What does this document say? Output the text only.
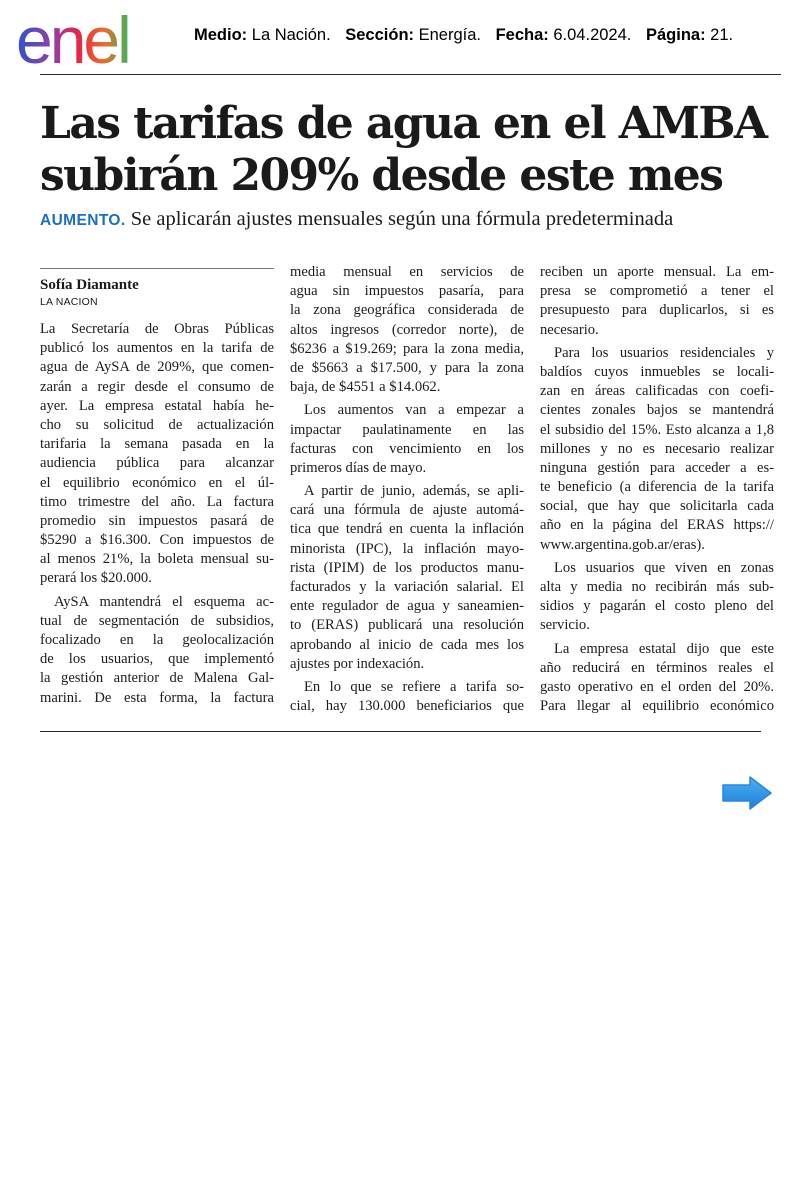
enel	Medio: La Nación. Sección: Energía. Fecha: 6.04.2024. Página: 21.
Las tarifas de agua en el AMBA
subirán 209% desde este mes
AUMENTO. Se aplicarán ajustes mensuales según una fórmula predeterminada
Sofía Diamante
LA NACION
La Secretaría de Obras Públicas
publicó los aumentos en la tarifa de
agua de AySA de 209%, que comen-
zarán a regir desde el consumo de
ayer. La empresa estatal había he-
cho su solicitud de actualización
tarifaria la semana pasada en la
audiencia pública para alcanzar
el equilibrio económico en el úl-
timo trimestre del año. La factura
promedio sin impuestos pasará de
$5290 a $16.300. Con impuestos de
al menos 21%, la boleta mensual su-
perará los $20.000.
AySA mantendrá el esquema ac-
tual de segmentación de subsidios,
focalizado en la geolocalización
de los usuarios, que implementó
la gestión anterior de Malena Gal-
marini. De esta forma, la factura
media mensual en servicios de
agua sin impuestos pasaría, para
la zona geográfica considerada de
altos ingresos (corredor norte), de
$6236 a $19.269; para la zona media,
de $5663 a $17.500, y para la zona
baja, de $4551 a $14.062.
Los aumentos van a empezar a
impactar paulatinamente en las
facturas con vencimiento en los
primeros días de mayo.
A partir de junio, además, se apli-
cará una fórmula de ajuste automá-
tica que tendrá en cuenta la inflación
minorista (IPC), la inflación mayo-
rista (IPIM) de los productos manu-
facturados y la variación salarial. El
ente regulador de agua y saneamien-
to (ERAS) publicará una resolución
aprobando al inicio de cada mes los
ajustes por indexación.
En lo que se refiere a tarifa so-
cial, hay 130.000 beneficiarios que
reciben un aporte mensual. La em-
presa se comprometió a tener el
presupuesto para duplicarlos, si es
necesario.
Para los usuarios residenciales y
baldíos cuyos inmuebles se locali-
zan en áreas calificadas con coefi-
cientes zonales bajos se mantendrá
el subsidio del 15%. Esto alcanza a 1,8
millones y no es necesario realizar
ninguna gestión para acceder a es-
te beneficio (a diferencia de la tarifa
social, que hay que solicitarla cada
año en la página del ERAS https://
www.argentina.gob.ar/eras).
Los usuarios que viven en zonas
alta y media no recibirán más sub-
sidios y pagarán el costo pleno del
servicio.
La empresa estatal dijo que este
año reducirá en términos reales el
gasto operativo en el orden del 20%.
Para llegar al equilibrio económico
